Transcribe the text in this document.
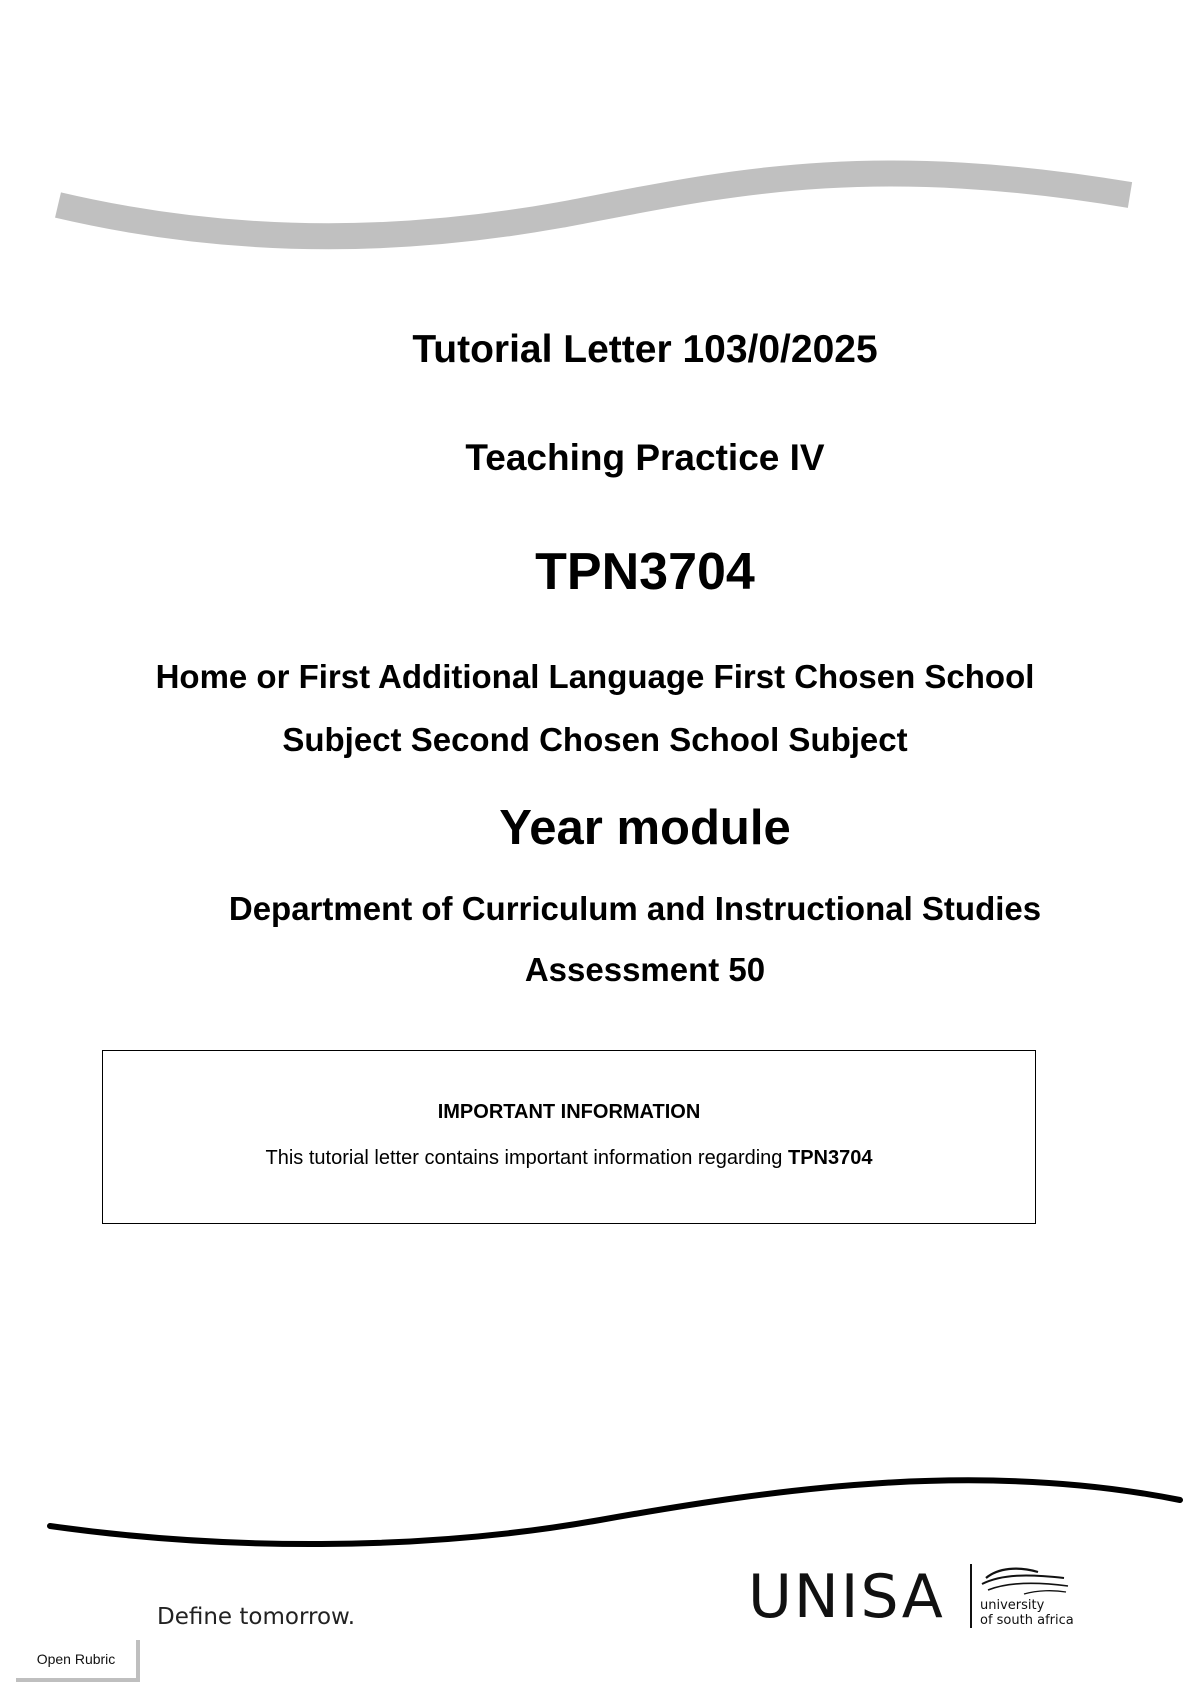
Tutorial Letter 103/0/2025
Teaching Practice IV
TPN3704
Home or First Additional Language First Chosen School Subject Second Chosen School Subject
Year module
Department of Curriculum and Instructional Studies
Assessment 50
IMPORTANT INFORMATION
This tutorial letter contains important information regarding TPN3704
Define tomorrow.	UNISA	university
of south africa
Open Rubric
